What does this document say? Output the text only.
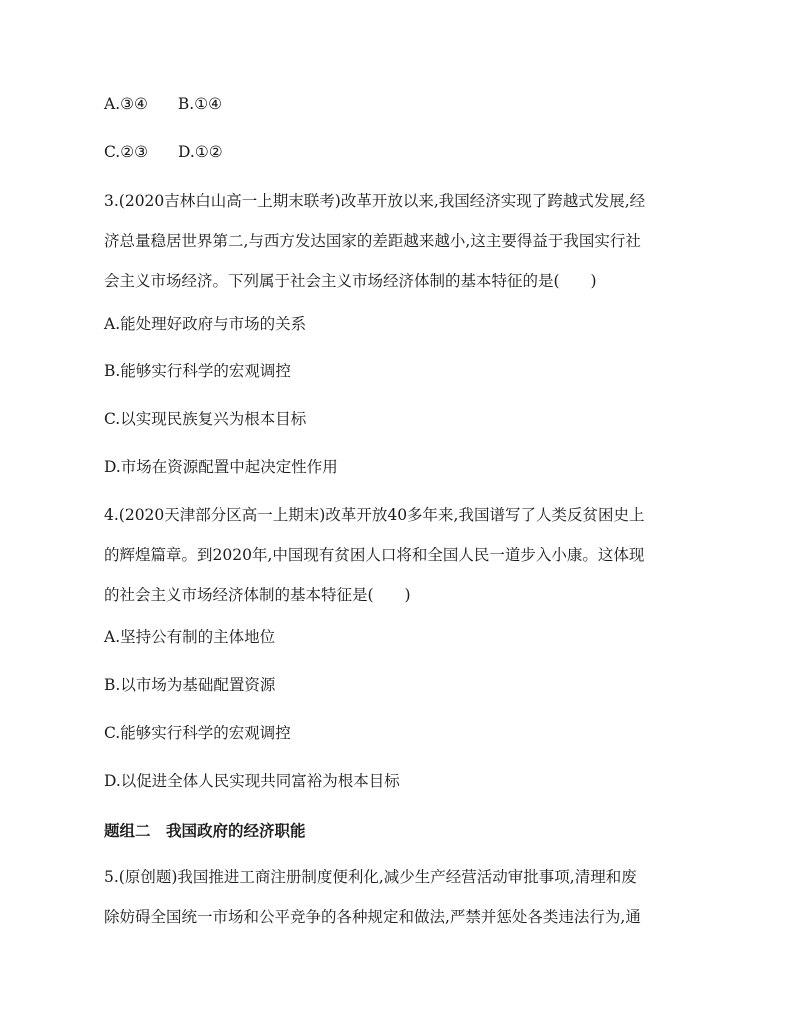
A.③④ B.①④
C.②③ D.①②
3.(2020吉林白山高一上期末联考)改革开放以来,我国经济实现了跨越式发展,经
济总量稳居世界第二,与西方发达国家的差距越来越小,这主要得益于我国实行社
会主义市场经济。下列属于社会主义市场经济体制的基本特征的是(　　)
A.能处理好政府与市场的关系
B.能够实行科学的宏观调控
C.以实现民族复兴为根本目标
D.市场在资源配置中起决定性作用
4.(2020天津部分区高一上期末)改革开放40多年来,我国谱写了人类反贫困史上
的辉煌篇章。到2020年,中国现有贫困人口将和全国人民一道步入小康。这体现
的社会主义市场经济体制的基本特征是(　　)
A.坚持公有制的主体地位
B.以市场为基础配置资源
C.能够实行科学的宏观调控
D.以促进全体人民实现共同富裕为根本目标
题组二　我国政府的经济职能
5.(原创题)我国推进工商注册制度便利化,减少生产经营活动审批事项,清理和废
除妨碍全国统一市场和公平竞争的各种规定和做法,严禁并惩处各类违法行为,通
